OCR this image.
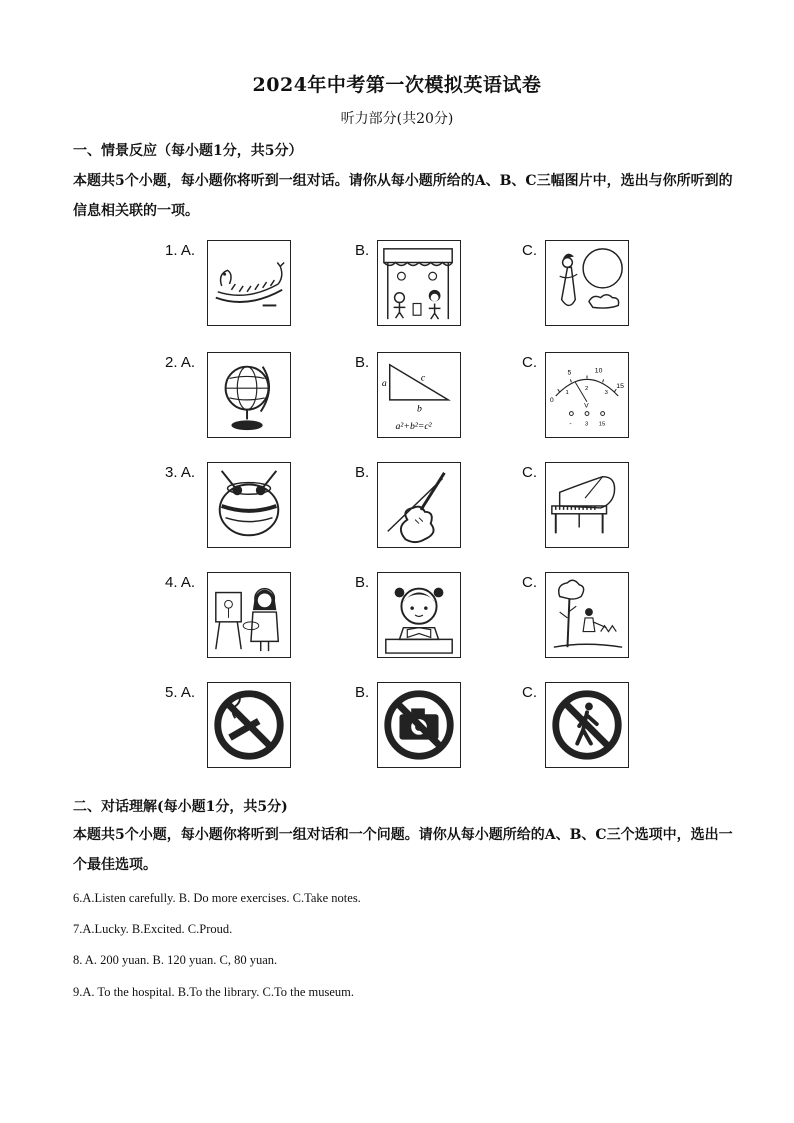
2024年中考第一次模拟英语试卷
听力部分(共20分)
一、情景反应（每小题1分，共5分）
本题共5个小题，每小题你将听到一组对话。请你从每小题所给的A、B、C三幅图片中，选出与你所听到的信息相关联的一项。
1. A.	B.	C.
2. A.	B.
a
c
b
a²+b²=c²
C.
0
5	10
15
1
2
3
V
- 3 15
3. A.	B.	C.
4. A.	B.	C.
5. A.	B.	C.
二、对话理解(每小题1分，共5分)
本题共5个小题，每小题你将听到一组对话和一个问题。请你从每小题所给的A、B、C三个选项中，选出一个最佳选项。
6.A.Listen carefully. B. Do more exercises. C.Take notes.
7.A.Lucky. B.Excited. C.Proud.
8. A. 200 yuan. B. 120 yuan. C, 80 yuan.
9.A. To the hospital. B.To the library. C.To the museum.
